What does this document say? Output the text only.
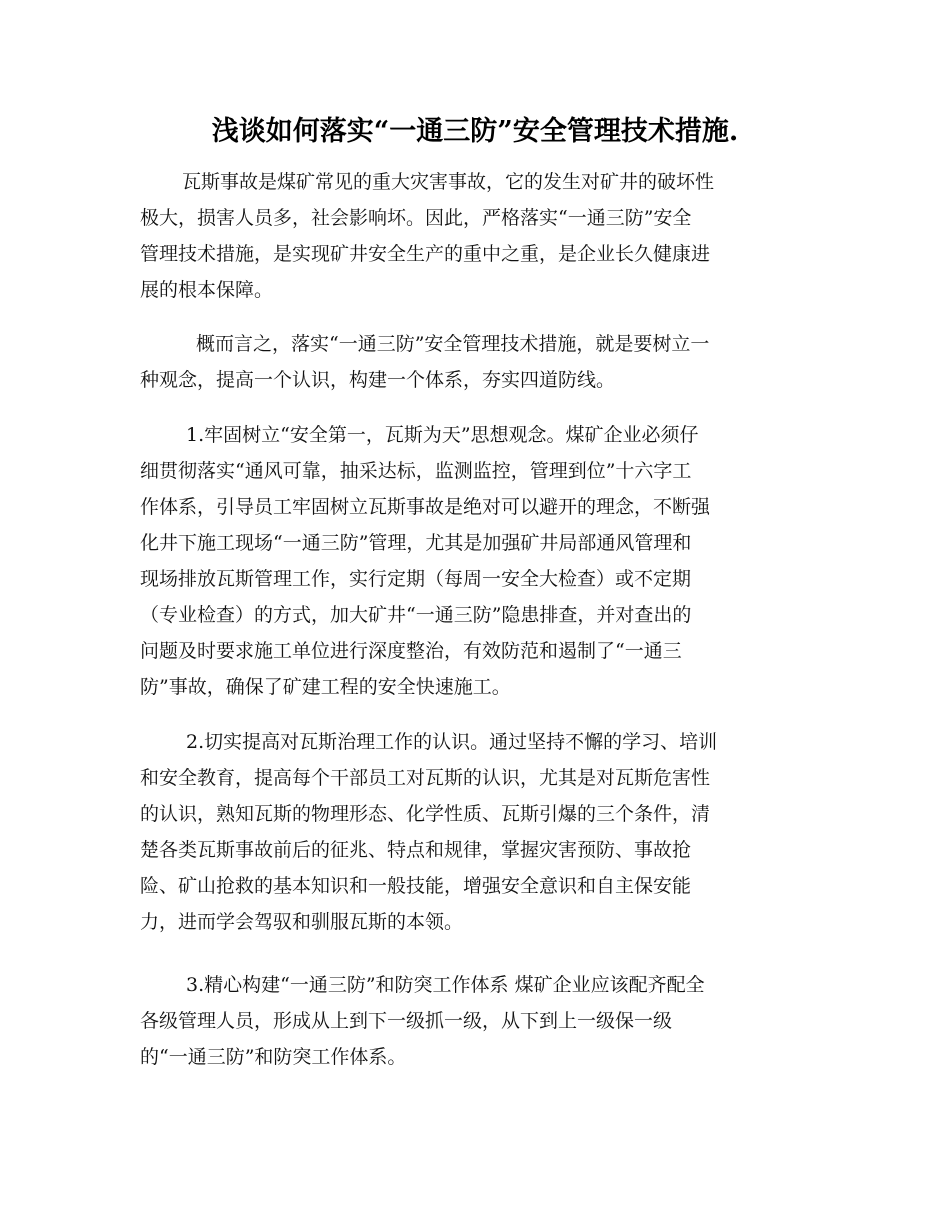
浅谈如何落实“一通三防”安全管理技术措施.
瓦斯事故是煤矿常见的重大灾害事故，它的发生对矿井的破坏性
极大，损害人员多，社会影响坏。因此，严格落实“一通三防”安全
管理技术措施，是实现矿井安全生产的重中之重，是企业长久健康进
展的根本保障。
概而言之，落实“一通三防”安全管理技术措施，就是要树立一
种观念，提高一个认识，构建一个体系，夯实四道防线。
1.牢固树立“安全第一，瓦斯为天”思想观念。煤矿企业必须仔
细贯彻落实“通风可靠，抽采达标，监测监控，管理到位”十六字工
作体系，引导员工牢固树立瓦斯事故是绝对可以避开的理念，不断强
化井下施工现场“一通三防”管理，尤其是加强矿井局部通风管理和
现场排放瓦斯管理工作，实行定期（每周一安全大检查）或不定期
（专业检查）的方式，加大矿井“一通三防”隐患排查，并对查出的
问题及时要求施工单位进行深度整治，有效防范和遏制了“一通三
防”事故，确保了矿建工程的安全快速施工。
2.切实提高对瓦斯治理工作的认识。通过坚持不懈的学习、培训
和安全教育，提高每个干部员工对瓦斯的认识，尤其是对瓦斯危害性
的认识，熟知瓦斯的物理形态、化学性质、瓦斯引爆的三个条件，清
楚各类瓦斯事故前后的征兆、特点和规律，掌握灾害预防、事故抢
险、矿山抢救的基本知识和一般技能，增强安全意识和自主保安能
力，进而学会驾驭和驯服瓦斯的本领。
3.精心构建“一通三防”和防突工作体系 煤矿企业应该配齐配全
各级管理人员，形成从上到下一级抓一级，从下到上一级保一级
的“一通三防”和防突工作体系。
